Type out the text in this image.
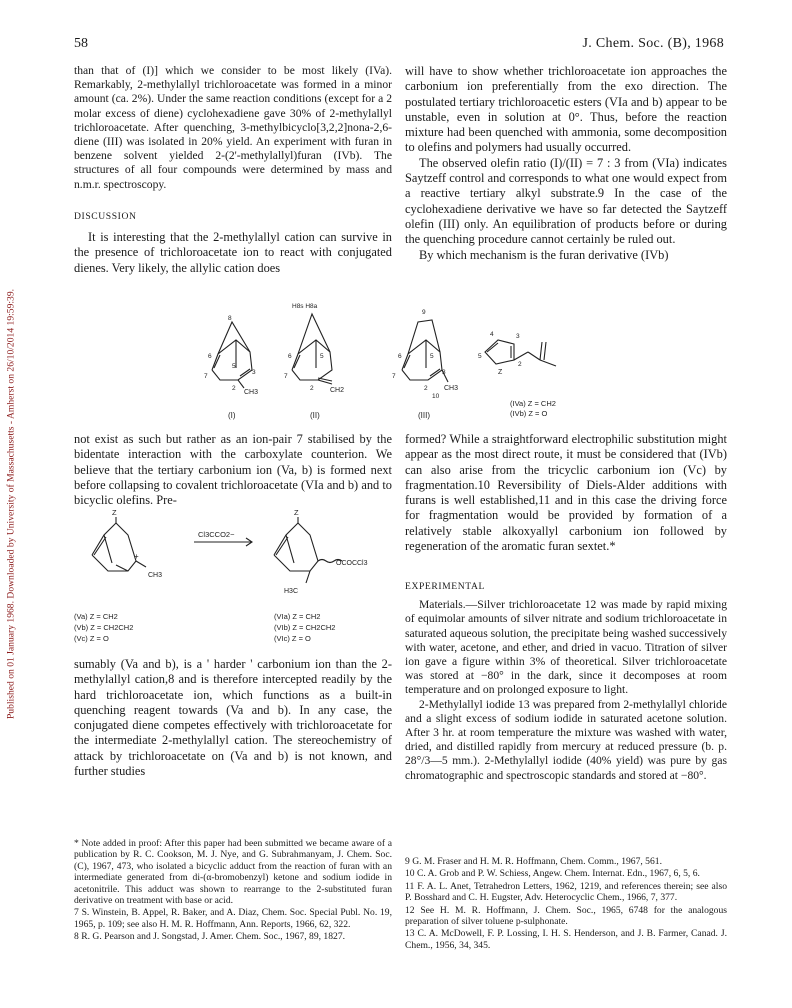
Published on 01 January 1968. Downloaded by University of Massachusetts - Amherst on 26/10/2014 19:59:39.
58	J. Chem. Soc. (B), 1968

than that of (I)] which we consider to be most likely (IVa). Remarkably, 2-methylallyl trichloroacetate was formed in a minor amount (ca. 2%). Under the same reaction conditions (except for a 2 molar excess of diene) cyclohexadiene gave 30% of 2-methylallyl trichloroacetate. After quenching, 3-methylbicyclo[3,2,2]nona-2,6-diene (III) was isolated in 20% yield. An experiment with furan in benzene solvent yielded 2-(2'-methylallyl)furan (IVb). The structures of all four compounds were determined by mass and n.m.r. spectroscopy.

DISCUSSION

It is interesting that the 2-methylallyl cation can survive in the presence of trichloroacetate ion to react with conjugated dienes. Very likely, the allylic cation does

will have to show whether trichloroacetate ion approaches the carbonium ion preferentially from the exo direction. The postulated tertiary trichloroacetic esters (VIa and b) appear to be unstable, even in solution at 0°. Thus, before the reaction mixture had been quenched with ammonia, some decomposition to olefins and polymers had usually occurred.

The observed olefin ratio (I)/(II) = 7 : 3 from (VIa) indicates Saytzeff control and corresponds to what one would expect from a reactive tertiary alkyl substrate.9 In the case of the cyclohexadiene derivative we have so far detected the Saytzeff olefin (III) only. An equilibration of products before or during the quenching procedure cannot certainly be ruled out.

By which mechanism is the furan derivative (IVb)

8
6
5
3
7
2
CH3
H8s H8a
6	5
7
2 CH2
9
6	5
3
7
2 CH3
10
4	3
5
2
Z
(I)	(II)	(III)
(IVa) Z = CH2
(IVb) Z = O

not exist as such but rather as an ion-pair 7 stabilised by the bidentate interaction with the carboxylate counterion. We believe that the tertiary carbonium ion (Va, b) is formed next before collapsing to covalent trichloroacetate (VIa and b) and to bicyclic olefins. Pre-

formed? While a straightforward electrophilic substitution might appear as the most direct route, it must be considered that (IVb) can also arise from the tricyclic carbonium ion (Vc) by fragmentation.10 Reversibility of Diels-Alder additions with furans is well established,11 and in this case the driving force for fragmentation would be provided by formation of a relatively stable alkoxyallyl carbonium ion followed by regeneration of the aromatic furan sextet.*

Z
+
CH3
Cl3CCO2−
Z
H3C
OCOCCl3
(Va) Z = CH2
(Vb) Z = CH2CH2
(Vc) Z = O
(VIa) Z = CH2
(VIb) Z = CH2CH2
(VIc) Z = O

sumably (Va and b), is a ' harder ' carbonium ion than the 2-methylallyl cation,8 and is therefore intercepted readily by the hard trichloroacetate ion, which functions as a built-in quenching reagent towards (Va and b). In any case, the conjugated diene competes effectively with trichloroacetate for the intermediate 2-methylallyl cation. The stereochemistry of attack by trichloroacetate on (Va and b) is not known, and further studies

* Note added in proof: After this paper had been submitted we became aware of a publication by R. C. Cookson, M. J. Nye, and G. Subrahmanyam, J. Chem. Soc. (C), 1967, 473, who isolated a bicyclic adduct from the reaction of furan with an intermediate generated from di-(α-bromobenzyl) ketone and sodium iodide in acetonitrile. This adduct was shown to rearrange to the 2-substituted furan derivative on treatment with base or acid.

7 S. Winstein, B. Appel, R. Baker, and A. Diaz, Chem. Soc. Special Publ. No. 19, 1965, p. 109; see also H. M. R. Hoffmann, Ann. Reports, 1966, 62, 322.

8 R. G. Pearson and J. Songstad, J. Amer. Chem. Soc., 1967, 89, 1827.

EXPERIMENTAL

Materials.—Silver trichloroacetate 12 was made by rapid mixing of equimolar amounts of silver nitrate and sodium trichloroacetate in saturated aqueous solution, the precipitate being washed successively with water, acetone, and ether, and dried in vacuo. Titration of silver ion gave a figure within 3% of theoretical. Silver trichloroacetate was stored at −80° in the dark, since it decomposes at room temperature and on prolonged exposure to light.

2-Methylallyl iodide 13 was prepared from 2-methylallyl chloride and a slight excess of sodium iodide in saturated acetone solution. After 3 hr. at room temperature the mixture was washed with water, dried, and distilled rapidly from mercury at reduced pressure (b. p. 28°/3—5 mm.). 2-Methylallyl iodide (40% yield) was pure by gas chromatographic and spectroscopic standards and stored at −80°.

9 G. M. Fraser and H. M. R. Hoffmann, Chem. Comm., 1967, 561.

10 C. A. Grob and P. W. Schiess, Angew. Chem. Internat. Edn., 1967, 6, 5, 6.

11 F. A. L. Anet, Tetrahedron Letters, 1962, 1219, and references therein; see also P. Bosshard and C. H. Eugster, Adv. Heterocyclic Chem., 1966, 7, 377.

12 See H. M. R. Hoffmann, J. Chem. Soc., 1965, 6748 for the analogous preparation of silver toluene p-sulphonate.

13 C. A. McDowell, F. P. Lossing, I. H. S. Henderson, and J. B. Farmer, Canad. J. Chem., 1956, 34, 345.
